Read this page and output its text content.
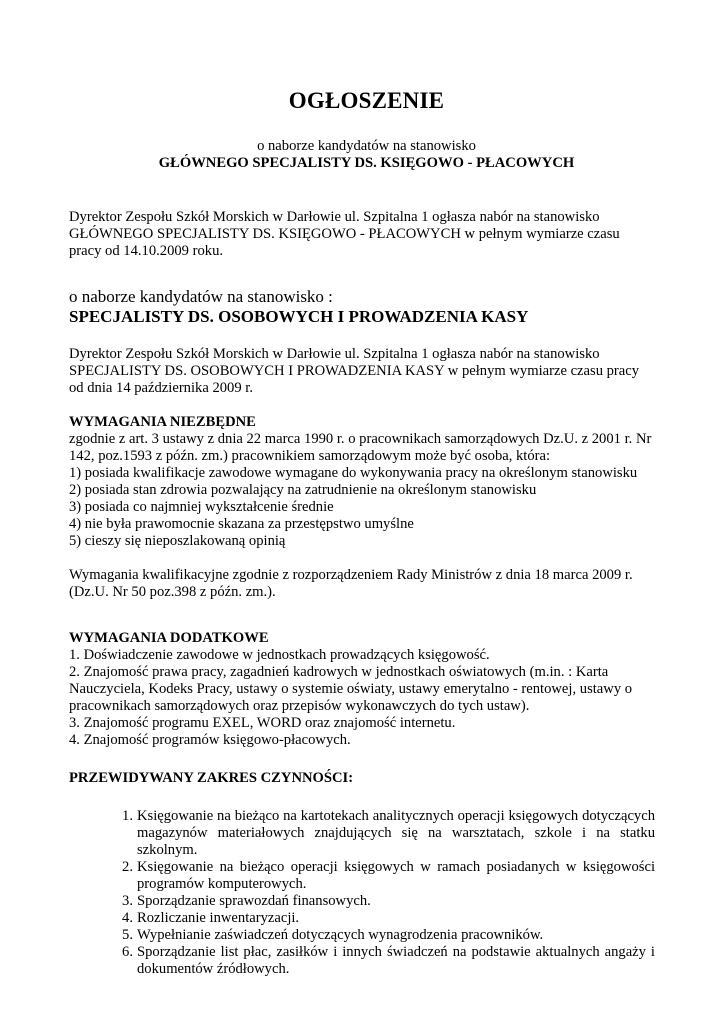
OGŁOSZENIE

o naborze kandydatów na stanowisko

GŁÓWNEGO SPECJALISTY DS. KSIĘGOWO - PŁACOWYCH

Dyrektor Zespołu Szkół Morskich w Darłowie ul. Szpitalna 1 ogłasza nabór na stanowisko GŁÓWNEGO SPECJALISTY DS. KSIĘGOWO - PŁACOWYCH w pełnym wymiarze czasu pracy od 14.10.2009 roku.

o naborze kandydatów na stanowisko :

SPECJALISTY DS. OSOBOWYCH I PROWADZENIA KASY

Dyrektor Zespołu Szkół Morskich w Darłowie ul. Szpitalna 1 ogłasza nabór na stanowisko SPECJALISTY DS. OSOBOWYCH I PROWADZENIA KASY w pełnym wymiarze czasu pracy od dnia 14 października 2009 r.

WYMAGANIA NIEZBĘDNE

zgodnie z art. 3 ustawy z dnia 22 marca 1990 r. o pracownikach samorządowych Dz.U. z 2001 r. Nr 142, poz.1593 z późn. zm.) pracownikiem samorządowym może być osoba, która:

1) posiada kwalifikacje zawodowe wymagane do wykonywania pracy na określonym stanowisku

2) posiada stan zdrowia pozwalający na zatrudnienie na określonym stanowisku

3) posiada co najmniej wykształcenie średnie

4) nie była prawomocnie skazana za przestępstwo umyślne

5) cieszy się nieposzlakowaną opinią

Wymagania kwalifikacyjne zgodnie z rozporządzeniem Rady Ministrów z dnia 18 marca 2009 r. (Dz.U. Nr 50 poz.398 z późn. zm.).

WYMAGANIA DODATKOWE

1. Doświadczenie zawodowe w jednostkach prowadzących księgowość.

2. Znajomość prawa pracy, zagadnień kadrowych w jednostkach oświatowych (m.in. : Karta Nauczyciela, Kodeks Pracy, ustawy o systemie oświaty, ustawy emerytalno - rentowej, ustawy o pracownikach samorządowych oraz przepisów wykonawczych do tych ustaw).

3. Znajomość programu EXEL, WORD oraz znajomość internetu.

4. Znajomość programów księgowo-płacowych.

PRZEWIDYWANY ZAKRES CZYNNOŚCI:

1. Księgowanie na bieżąco na kartotekach analitycznych operacji księgowych dotyczących magazynów materiałowych znajdujących się na warsztatach, szkole i na statku szkolnym.
2. Księgowanie na bieżąco operacji księgowych w ramach posiadanych w księgowości programów komputerowych.
3. Sporządzanie sprawozdań finansowych.
4. Rozliczanie inwentaryzacji.
5. Wypełnianie zaświadczeń dotyczących wynagrodzenia pracowników.
6. Sporządzanie list płac, zasiłków i innych świadczeń na podstawie aktualnych angaży i dokumentów źródłowych.
